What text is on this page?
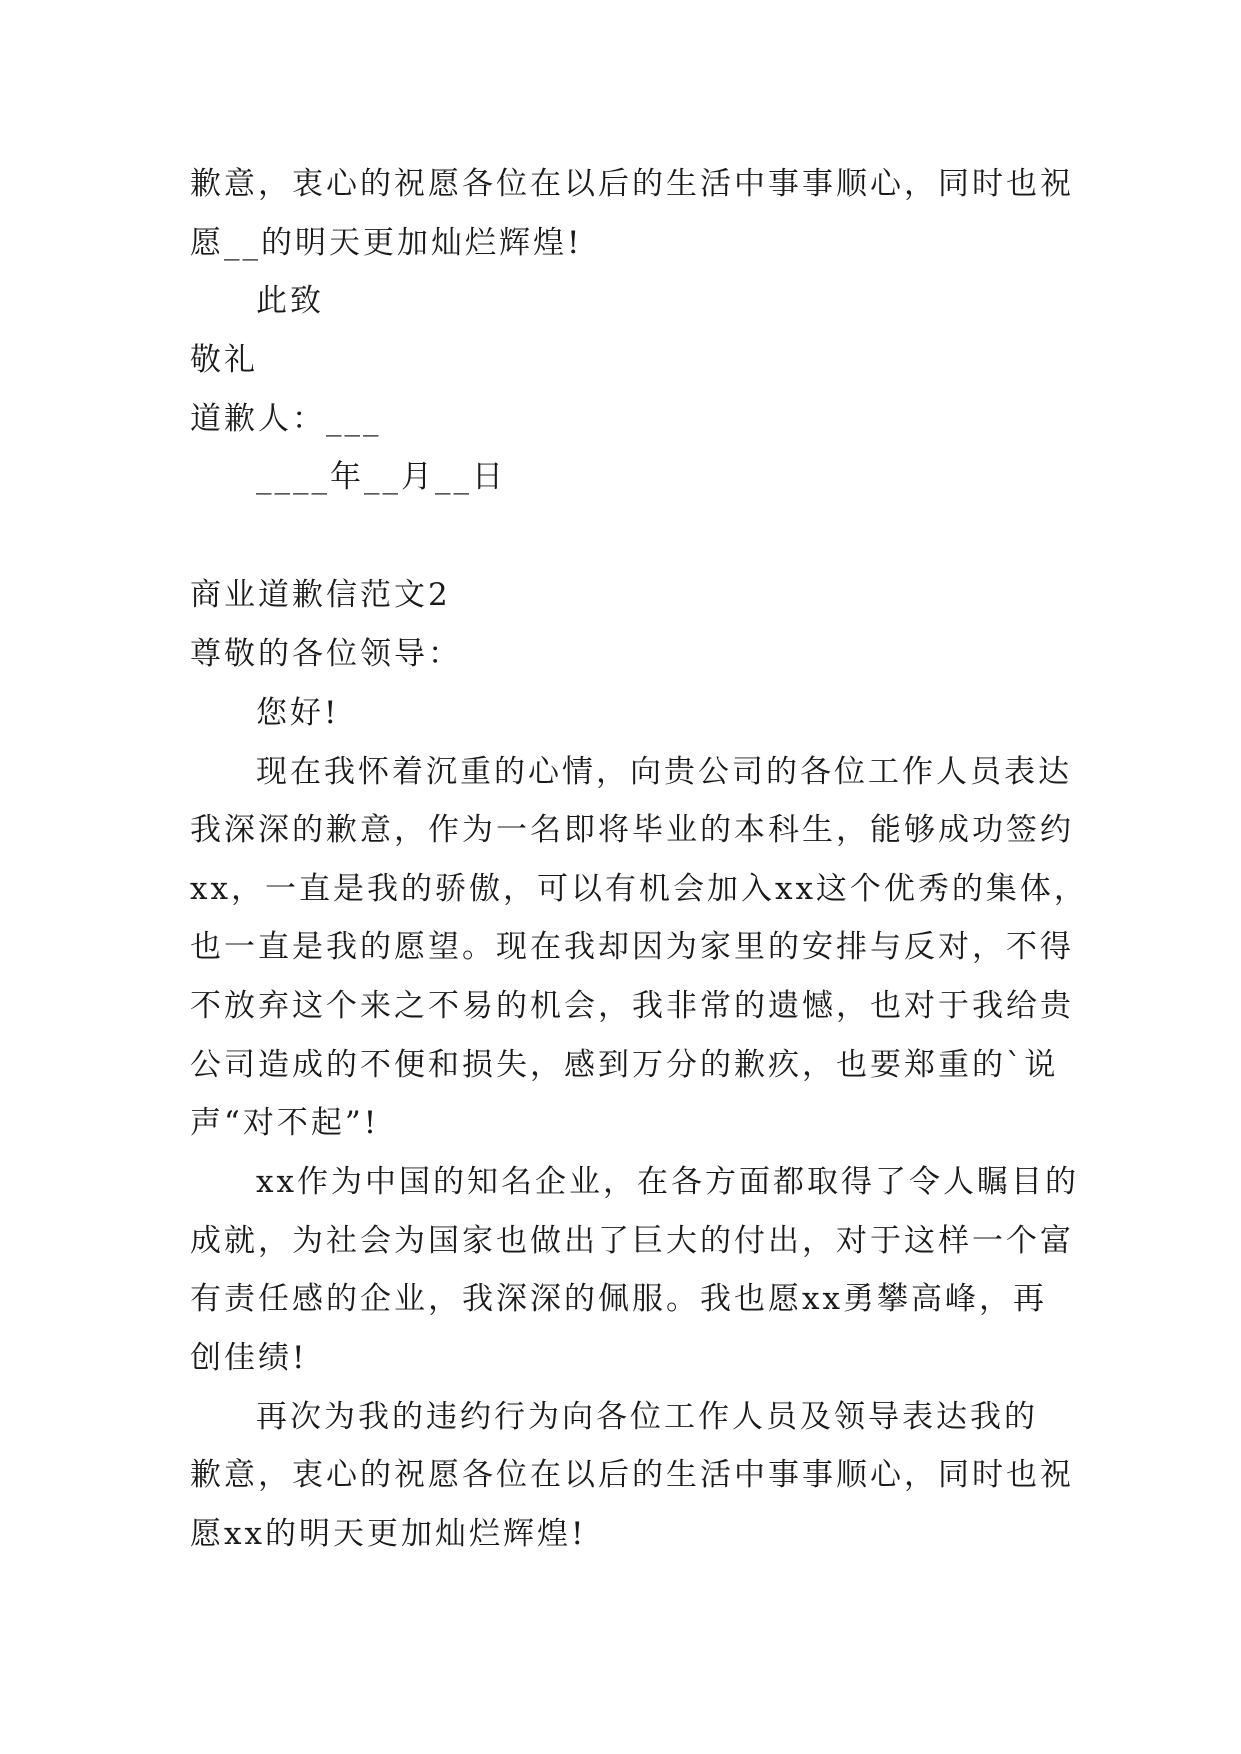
歉意，衷心的祝愿各位在以后的生活中事事顺心，同时也祝
愿__的明天更加灿烂辉煌!
此致
敬礼
道歉人：___
____年__月__日
商业道歉信范文2
尊敬的各位领导：
您好!
现在我怀着沉重的心情，向贵公司的各位工作人员表达
我深深的歉意，作为一名即将毕业的本科生，能够成功签约
xx，一直是我的骄傲，可以有机会加入xx这个优秀的集体，
也一直是我的愿望。现在我却因为家里的安排与反对，不得
不放弃这个来之不易的机会，我非常的遗憾，也对于我给贵
公司造成的不便和损失，感到万分的歉疚，也要郑重的`说
声“对不起”!
xx作为中国的知名企业，在各方面都取得了令人瞩目的
成就，为社会为国家也做出了巨大的付出，对于这样一个富
有责任感的企业，我深深的佩服。我也愿xx勇攀高峰，再
创佳绩!
再次为我的违约行为向各位工作人员及领导表达我的
歉意，衷心的祝愿各位在以后的生活中事事顺心，同时也祝
愿xx的明天更加灿烂辉煌!
